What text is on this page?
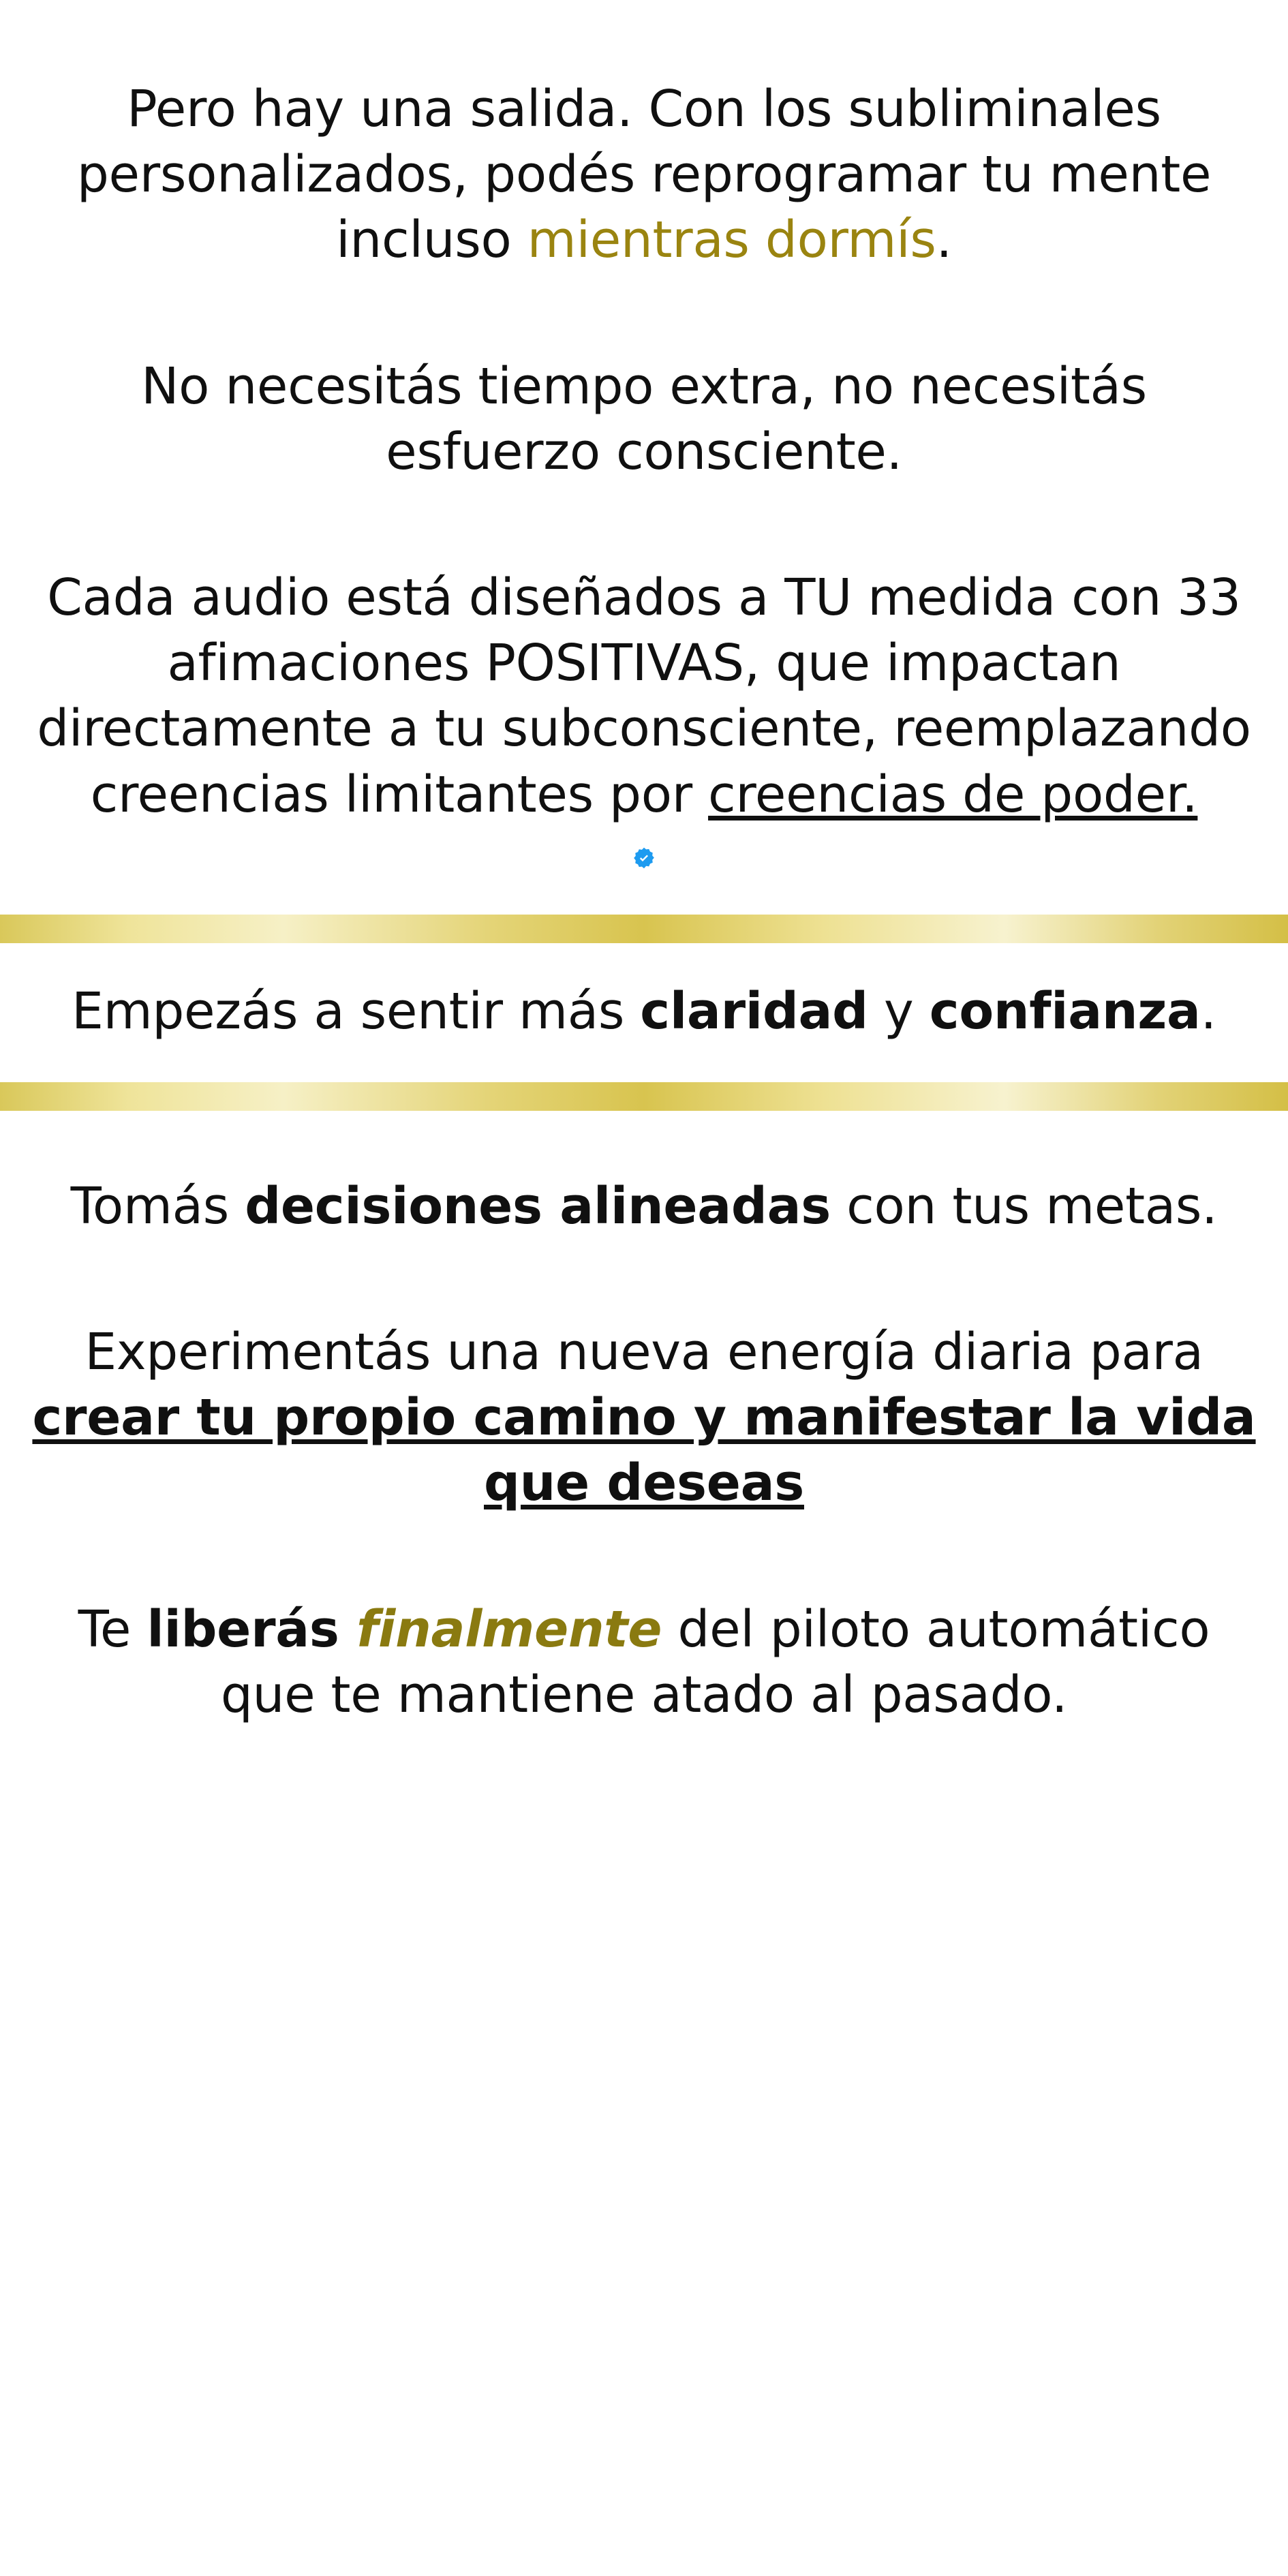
Pero hay una salida. Con los subliminales personalizados, podés reprogramar tu mente incluso mientras dormís.

No necesitás tiempo extra, no necesitás esfuerzo consciente.

Cada audio está diseñados a TU medida con 33 afimaciones POSITIVAS, que impactan directamente a tu subconsciente, reemplazando creencias limitantes por creencias de poder.

Empezás a sentir más claridad y confianza.

Tomás decisiones alineadas con tus metas.

Experimentás una nueva energía diaria para crear tu propio camino y manifestar la vida que deseas

Te liberás finalmente del piloto automático que te mantiene atado al pasado.
